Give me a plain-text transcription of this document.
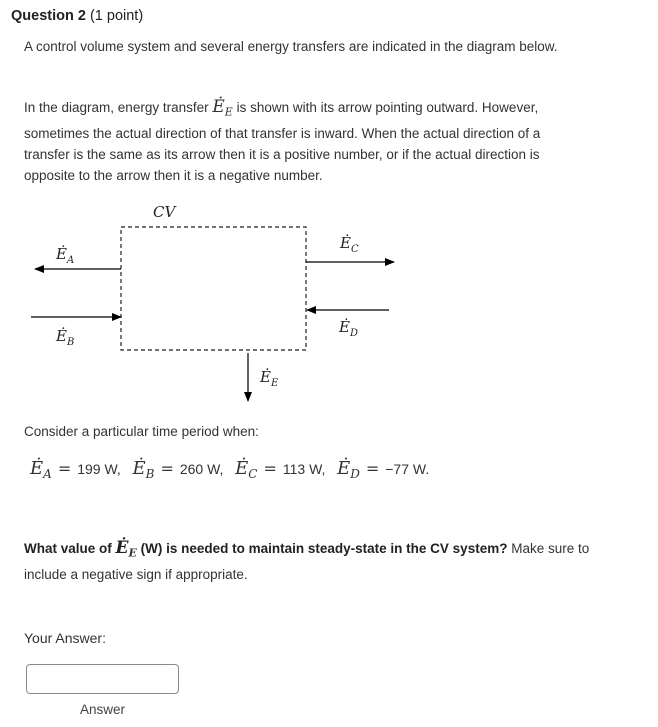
Question 2 (1 point)
A control volume system and several energy transfers are indicated in the diagram below.
In the diagram, energy transfer $Ė_E$ is shown with its arrow pointing outward. However, sometimes the actual direction of that transfer is inward. When the actual direction of a transfer is the same as its arrow then it is a positive number, or if the actual direction is opposite to the arrow then it is a negative number.
CV
$Ė_A$
$Ė_B$
$Ė_C$
$Ė_D$
$Ė_E$
Consider a particular time period when:
$Ė_A = 199$ W, $Ė_B = 260$ W, $Ė_C = 113$ W, $Ė_D = -77$ W.
What value of $Ė_E$ (W) is needed to maintain steady-state in the CV system? Make sure to include a negative sign if appropriate.
Your Answer:
Answer
